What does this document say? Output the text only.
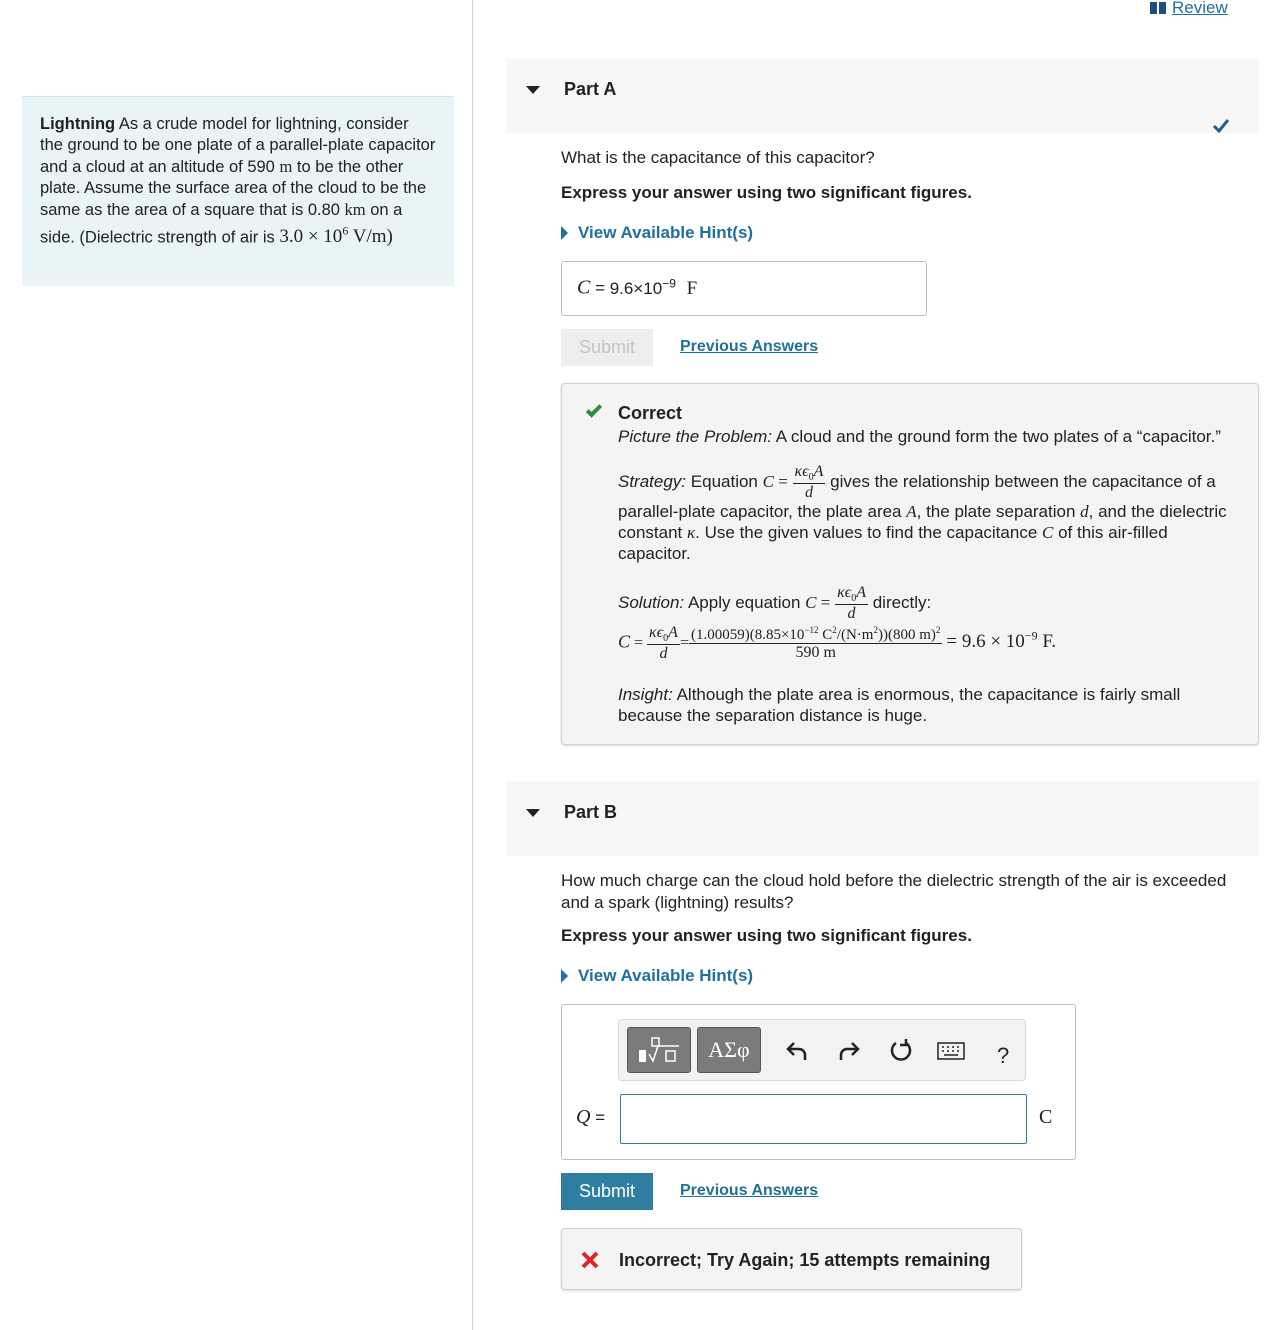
Lightning As a crude model for lightning, consider the ground to be one plate of a parallel-plate capacitor and a cloud at an altitude of 590 m to be the other plate. Assume the surface area of the cloud to be the same as the area of a square that is 0.80 km on a side. (Dielectric strength of air is $3.0 \times 10^6$ V/m)
Review
Part A
What is the capacitance of this capacitor?
Express your answer using two significant figures.
View Available Hint(s)
$C = 9.6\times 10^{-9}$ F
Submit	Previous Answers
Correct
Picture the Problem: A cloud and the ground form the two plates of a “capacitor.”
Strategy: Equation $C = \frac{\kappa\epsilon_0A}{d}$ gives the relationship between the capacitance of a parallel-plate capacitor, the plate area A, the plate separation d, and the dielectric constant κ. Use the given values to find the capacitance C of this air-filled capacitor.
Solution: Apply equation $C = \frac{\kappa\epsilon_0A}{d}$ directly:
$C = \frac{\kappa\epsilon_0A}{d} = \frac{(1.00059)(8.85\times 10^{-12} C^2/(N\cdot m^2))(800 m)^2}{590 m} = 9.6 \times 10^{-9}$ F.
Insight: Although the plate area is enormous, the capacitance is fairly small because the separation distance is huge.
Part B
How much charge can the cloud hold before the dielectric strength of the air is exceeded and a spark (lightning) results?
Express your answer using two significant figures.
View Available Hint(s)
ΑΣφ	?
Q =	C
Submit	Previous Answers
Incorrect; Try Again; 15 attempts remaining
